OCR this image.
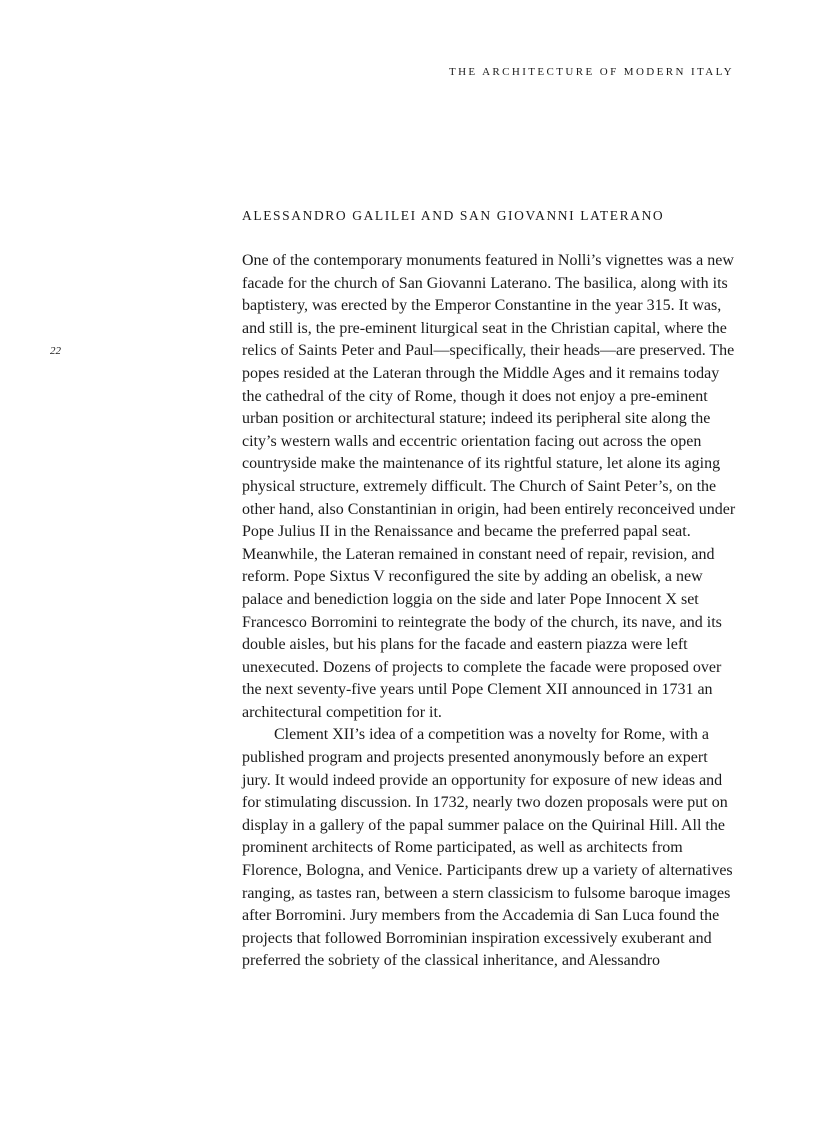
THE ARCHITECTURE OF MODERN ITALY
22
ALESSANDRO GALILEI AND SAN GIOVANNI LATERANO

One of the contemporary monuments featured in Nolli’s vignettes was a new facade for the church of San Giovanni Laterano. The basilica, along with its baptistery, was erected by the Emperor Constantine in the year 315. It was, and still is, the pre-eminent liturgical seat in the Christian capital, where the relics of Saints Peter and Paul—specifically, their heads—are preserved. The popes resided at the Lateran through the Middle Ages and it remains today the cathedral of the city of Rome, though it does not enjoy a pre-eminent urban position or architectural stature; indeed its peripheral site along the city’s western walls and eccentric orientation facing out across the open countryside make the maintenance of its rightful stature, let alone its aging physical structure, extremely difficult. The Church of Saint Peter’s, on the other hand, also Constantinian in origin, had been entirely reconceived under Pope Julius II in the Renaissance and became the preferred papal seat. Meanwhile, the Lateran remained in constant need of repair, revision, and reform. Pope Sixtus V reconfigured the site by adding an obelisk, a new palace and benediction loggia on the side and later Pope Innocent X set Francesco Borromini to reintegrate the body of the church, its nave, and its double aisles, but his plans for the facade and eastern piazza were left unexecuted. Dozens of projects to complete the facade were proposed over the next seventy-five years until Pope Clement XII announced in 1731 an architectural competition for it.

Clement XII’s idea of a competition was a novelty for Rome, with a published program and projects presented anonymously before an expert jury. It would indeed provide an opportunity for exposure of new ideas and for stimulating discussion. In 1732, nearly two dozen proposals were put on display in a gallery of the papal summer palace on the Quirinal Hill. All the prominent architects of Rome participated, as well as architects from Florence, Bologna, and Venice. Participants drew up a variety of alternatives ranging, as tastes ran, between a stern classicism to fulsome baroque images after Borromini. Jury members from the Accademia di San Luca found the projects that followed Borrominian inspiration excessively exuberant and preferred the sobriety of the classical inheritance, and Alessandro
